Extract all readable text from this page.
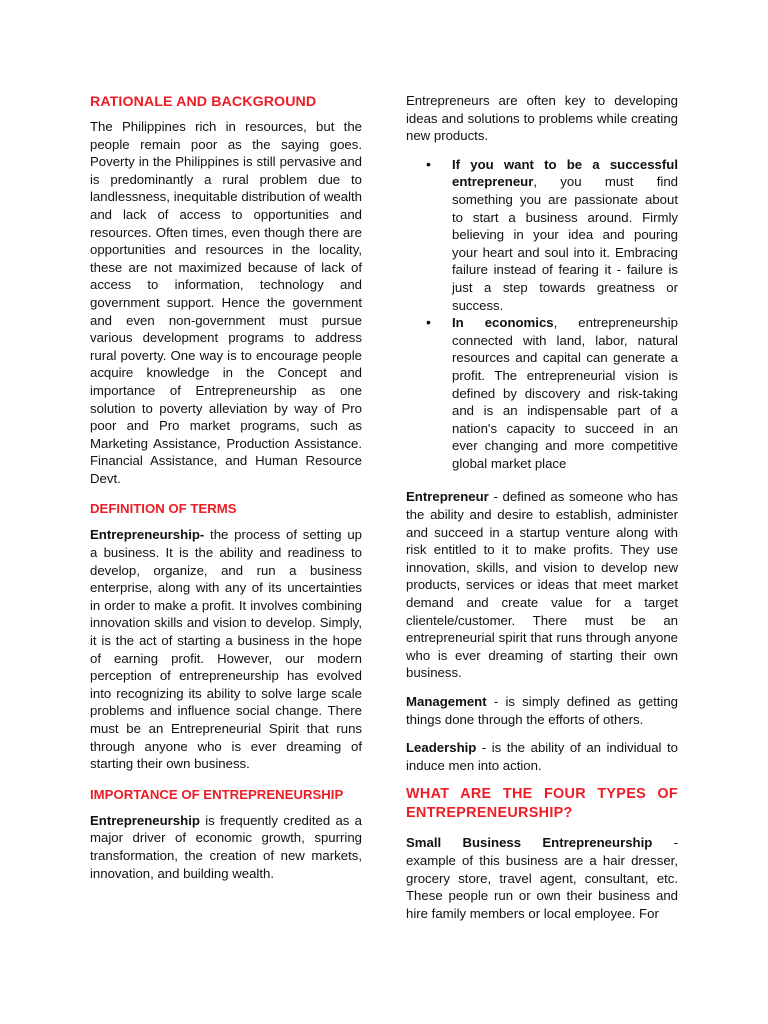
RATIONALE AND BACKGROUND

The Philippines rich in resources, but the people remain poor as the saying goes. Poverty in the Philippines is still pervasive and is predominantly a rural problem due to landlessness, inequitable distribution of wealth and lack of access to opportunities and resources. Often times, even though there are opportunities and resources in the locality, these are not maximized because of lack of access to information, technology and government support. Hence the government and even non-government must pursue various development programs to address rural poverty. One way is to encourage people acquire knowledge in the Concept and importance of Entrepreneurship as one solution to poverty alleviation by way of Pro poor and Pro market programs, such as Marketing Assistance, Production Assistance. Financial Assistance, and Human Resource Devt.

DEFINITION OF TERMS

Entrepreneurship- the process of setting up a business. It is the ability and readiness to develop, organize, and run a business enterprise, along with any of its uncertainties in order to make a profit. It involves combining innovation skills and vision to develop. Simply, it is the act of starting a business in the hope of earning profit. However, our modern perception of entrepreneurship has evolved into recognizing its ability to solve large scale problems and influence social change. There must be an Entrepreneurial Spirit that runs through anyone who is ever dreaming of starting their own business.

IMPORTANCE OF ENTREPRENEURSHIP

Entrepreneurship is frequently credited as a major driver of economic growth, spurring transformation, the creation of new markets, innovation, and building wealth.

Entrepreneurs are often key to developing ideas and solutions to problems while creating new products.

• If you want to be a successful entrepreneur, you must find something you are passionate about to start a business around. Firmly believing in your idea and pouring your heart and soul into it. Embracing failure instead of fearing it - failure is just a step towards greatness or success.

• In economics, entrepreneurship connected with land, labor, natural resources and capital can generate a profit. The entrepreneurial vision is defined by discovery and risk-taking and is an indispensable part of a nation's capacity to succeed in an ever changing and more competitive global market place

Entrepreneur - defined as someone who has the ability and desire to establish, administer and succeed in a startup venture along with risk entitled to it to make profits. They use innovation, skills, and vision to develop new products, services or ideas that meet market demand and create value for a target clientele/customer. There must be an entrepreneurial spirit that runs through anyone who is ever dreaming of starting their own business.

Management - is simply defined as getting things done through the efforts of others.

Leadership - is the ability of an individual to induce men into action.

WHAT ARE THE FOUR TYPES OF ENTREPRENEURSHIP?

Small Business Entrepreneurship - example of this business are a hair dresser, grocery store, travel agent, consultant, etc. These people run or own their business and hire family members or local employee. For
